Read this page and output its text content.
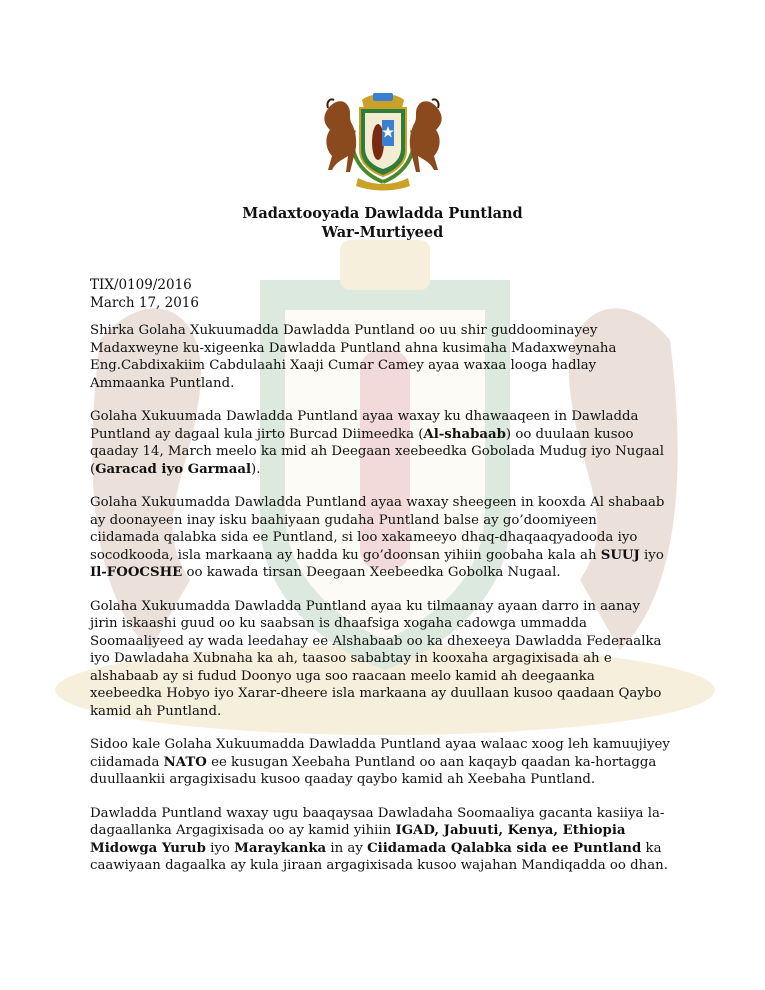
Madaxtooyada Dawladda Puntland
War-Murtiyeed
TIX/0109/2016
March 17, 2016

Shirka Golaha Xukuumadda Dawladda Puntland oo uu shir guddoominayey Madaxweyne ku-xigeenka Dawladda Puntland ahna kusimaha Madaxweynaha Eng.Cabdixakiim Cabdulaahi Xaaji Cumar Camey ayaa waxaa looga hadlay Ammaanka Puntland.

Golaha Xukuumada Dawladda Puntland ayaa waxay ku dhawaaqeen in Dawladda Puntland ay dagaal kula jirto Burcad Diimeedka (Al-shabaab) oo duulaan kusoo qaaday 14, March meelo ka mid ah Deegaan xeebeedka Gobolada Mudug iyo Nugaal (Garacad iyo Garmaal).

Golaha Xukuumadda Dawladda Puntland ayaa waxay sheegeen in kooxda Al shabaab ay doonayeen inay isku baahiyaan gudaha Puntland balse ay go’doomiyeen ciidamada qalabka sida ee Puntland, si loo xakameeyo dhaq-dhaqaaqyadooda iyo socodkooda, isla markaana ay hadda ku go’doonsan yihiin goobaha kala ah SUUJ iyo Il-FOOCSHE oo kawada tirsan Deegaan Xeebeedka Gobolka Nugaal.

Golaha Xukuumadda Dawladda Puntland ayaa ku tilmaanay ayaan darro in aanay jirin iskaashi guud oo ku saabsan is dhaafsiga xogaha cadowga ummadda Soomaaliyeed ay wada leedahay ee Alshabaab oo ka dhexeeya Dawladda Federaalka iyo Dawladaha Xubnaha ka ah, taasoo sababtay in kooxaha argagixisada ah e alshabaab ay si fudud Doonyo uga soo raacaan meelo kamid ah deegaanka xeebeedka Hobyo iyo Xarar-dheere isla markaana ay duullaan kusoo qaadaan Qaybo kamid ah Puntland.

Sidoo kale Golaha Xukuumadda Dawladda Puntland ayaa walaac xoog leh kamuujiyey ciidamada NATO ee kusugan Xeebaha Puntland oo aan kaqayb qaadan ka-hortagga duullaankii argagixisadu kusoo qaaday qaybo kamid ah Xeebaha Puntland.

Dawladda Puntland waxay ugu baaqaysaa Dawladaha Soomaaliya gacanta kasiiya la-dagaallanka Argagixisada oo ay kamid yihiin IGAD, Jabuuti, Kenya, Ethiopia Midowga Yurub iyo Maraykanka in ay Ciidamada Qalabka sida ee Puntland ka caawiyaan dagaalka ay kula jiraan argagixisada kusoo wajahan Mandiqadda oo dhan.
